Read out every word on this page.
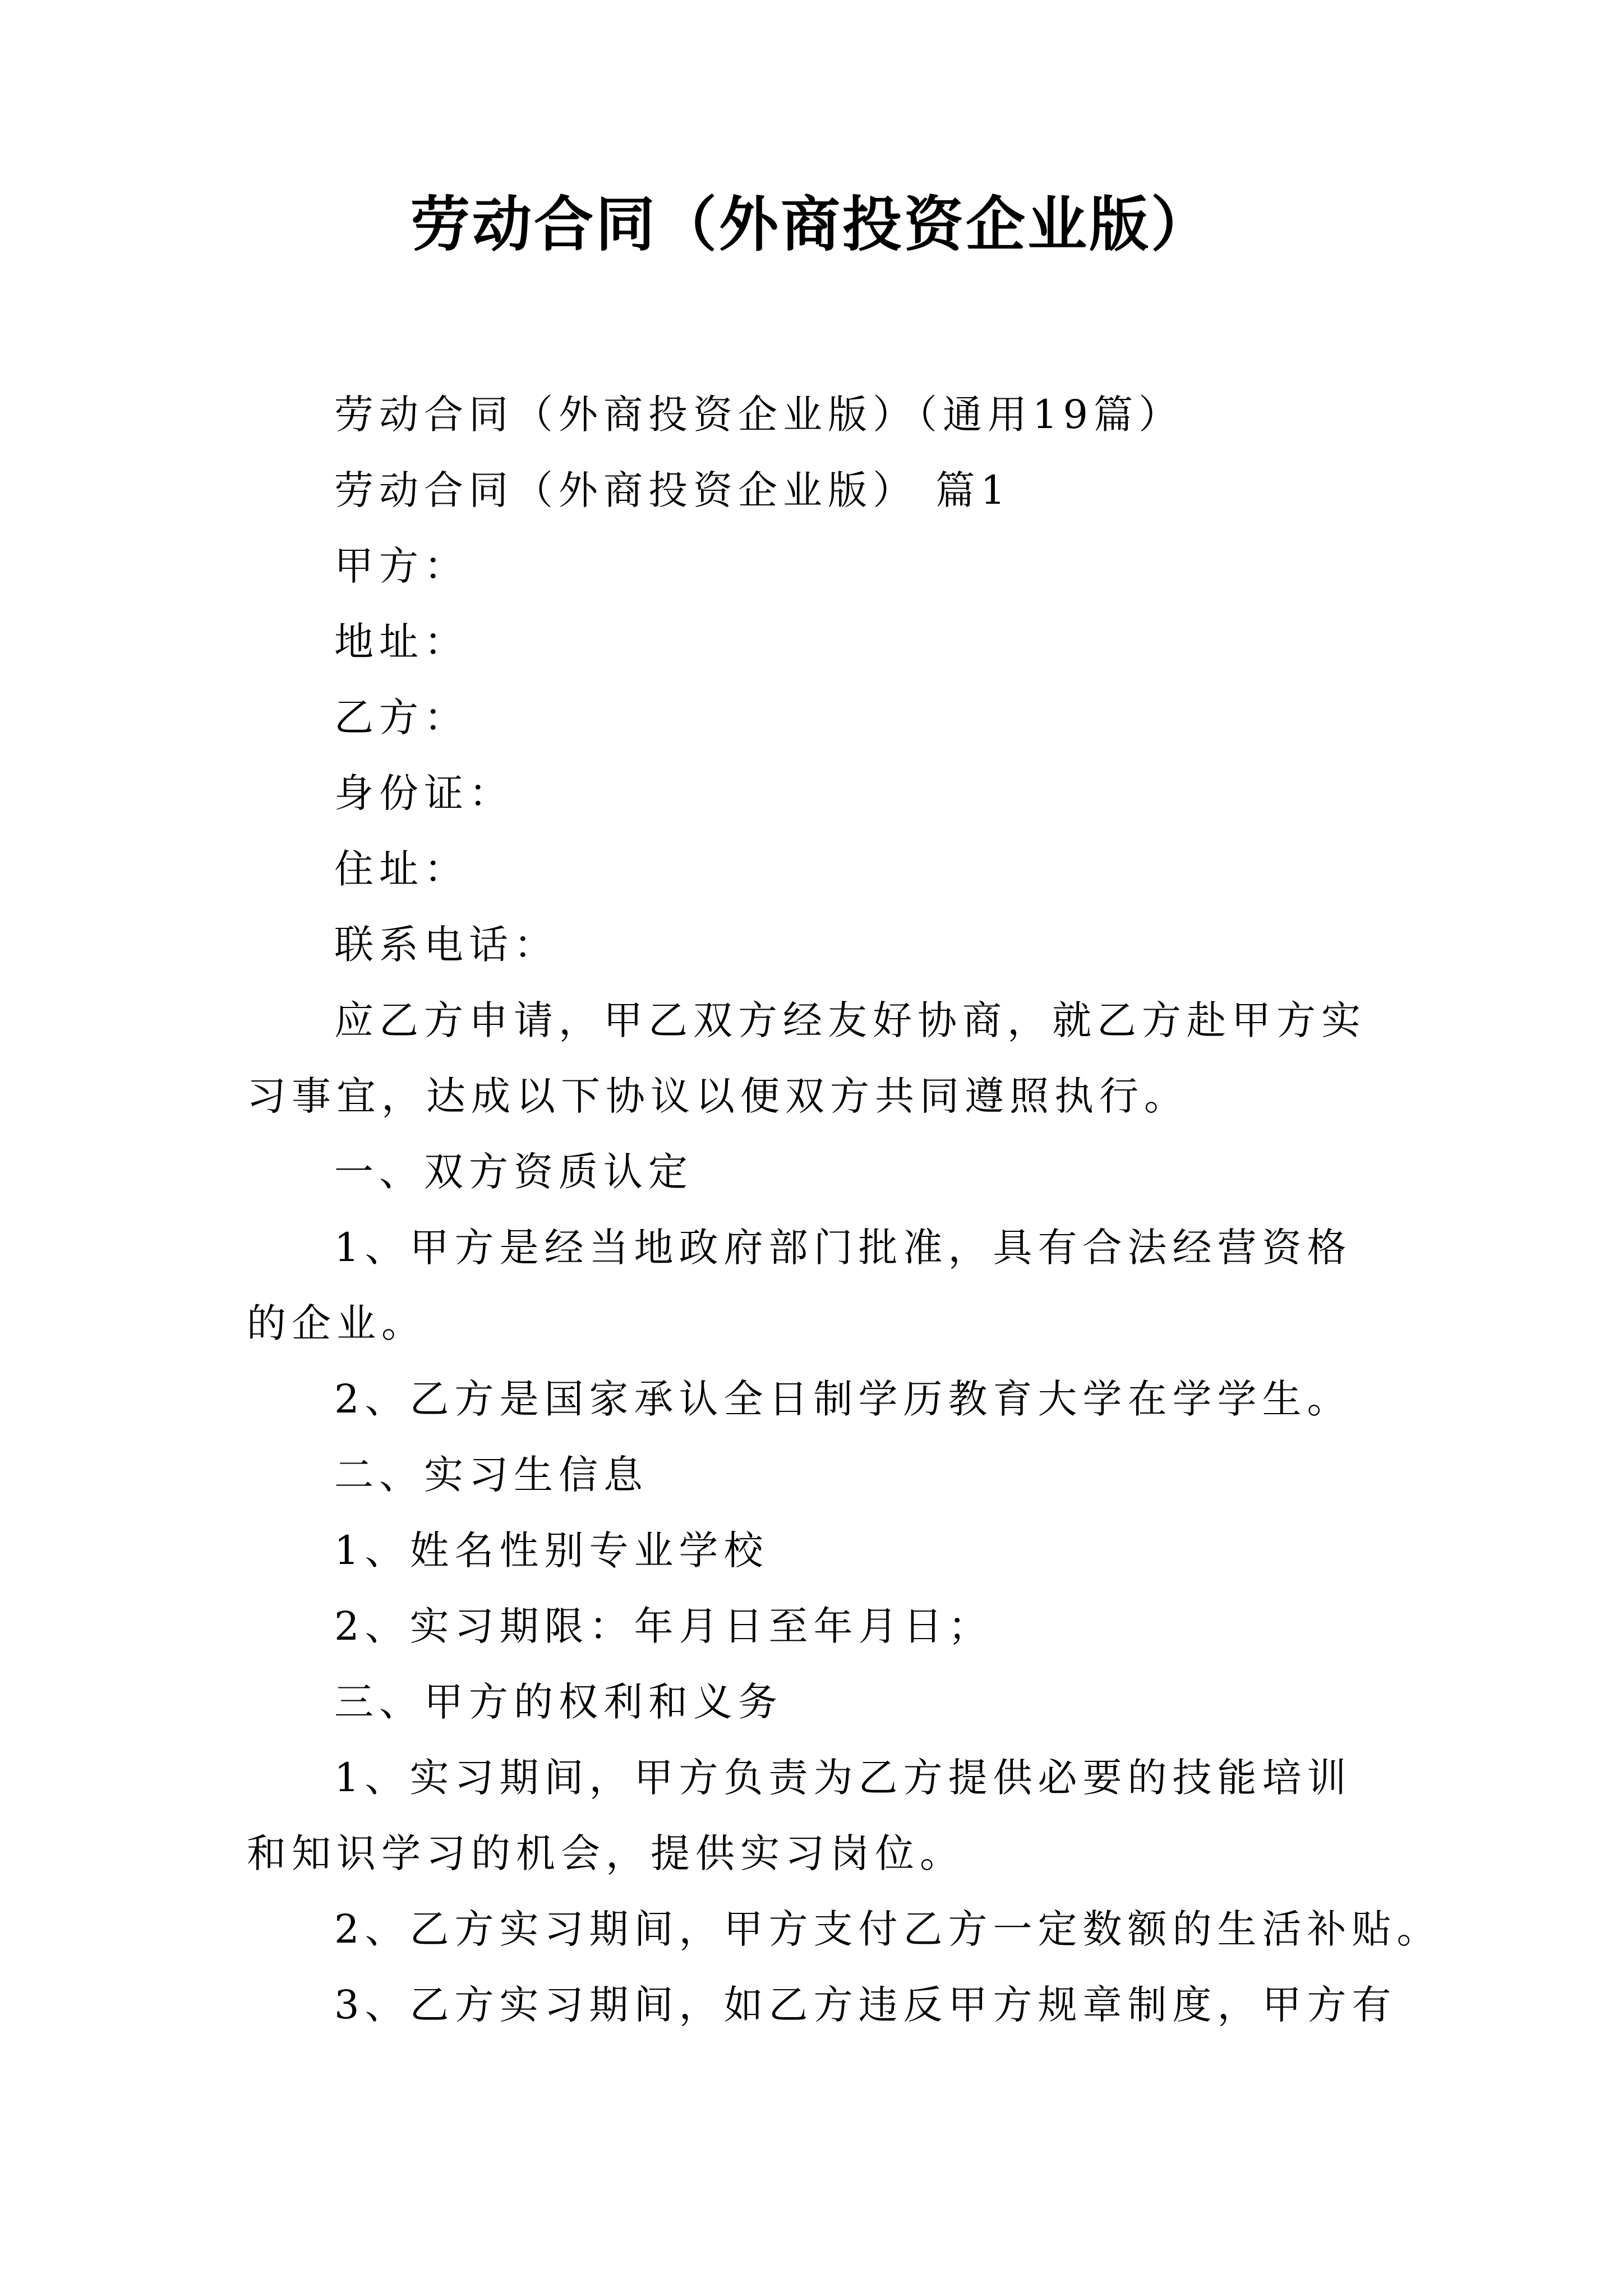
劳动合同（外商投资企业版）

劳动合同（外商投资企业版）（通用19篇）

劳动合同（外商投资企业版） 篇1

甲方：

地址：

乙方：

身份证：

住址：

联系电话：

应乙方申请，甲乙双方经友好协商，就乙方赴甲方实习事宜，达成以下协议以便双方共同遵照执行。

一、双方资质认定

1、甲方是经当地政府部门批准，具有合法经营资格的企业。

2、乙方是国家承认全日制学历教育大学在学学生。

二、实习生信息

1、姓名性别专业学校

2、实习期限：年月日至年月日；

三、甲方的权利和义务

1、实习期间，甲方负责为乙方提供必要的技能培训和知识学习的机会，提供实习岗位。

2、乙方实习期间，甲方支付乙方一定数额的生活补贴。

3、乙方实习期间，如乙方违反甲方规章制度，甲方有
